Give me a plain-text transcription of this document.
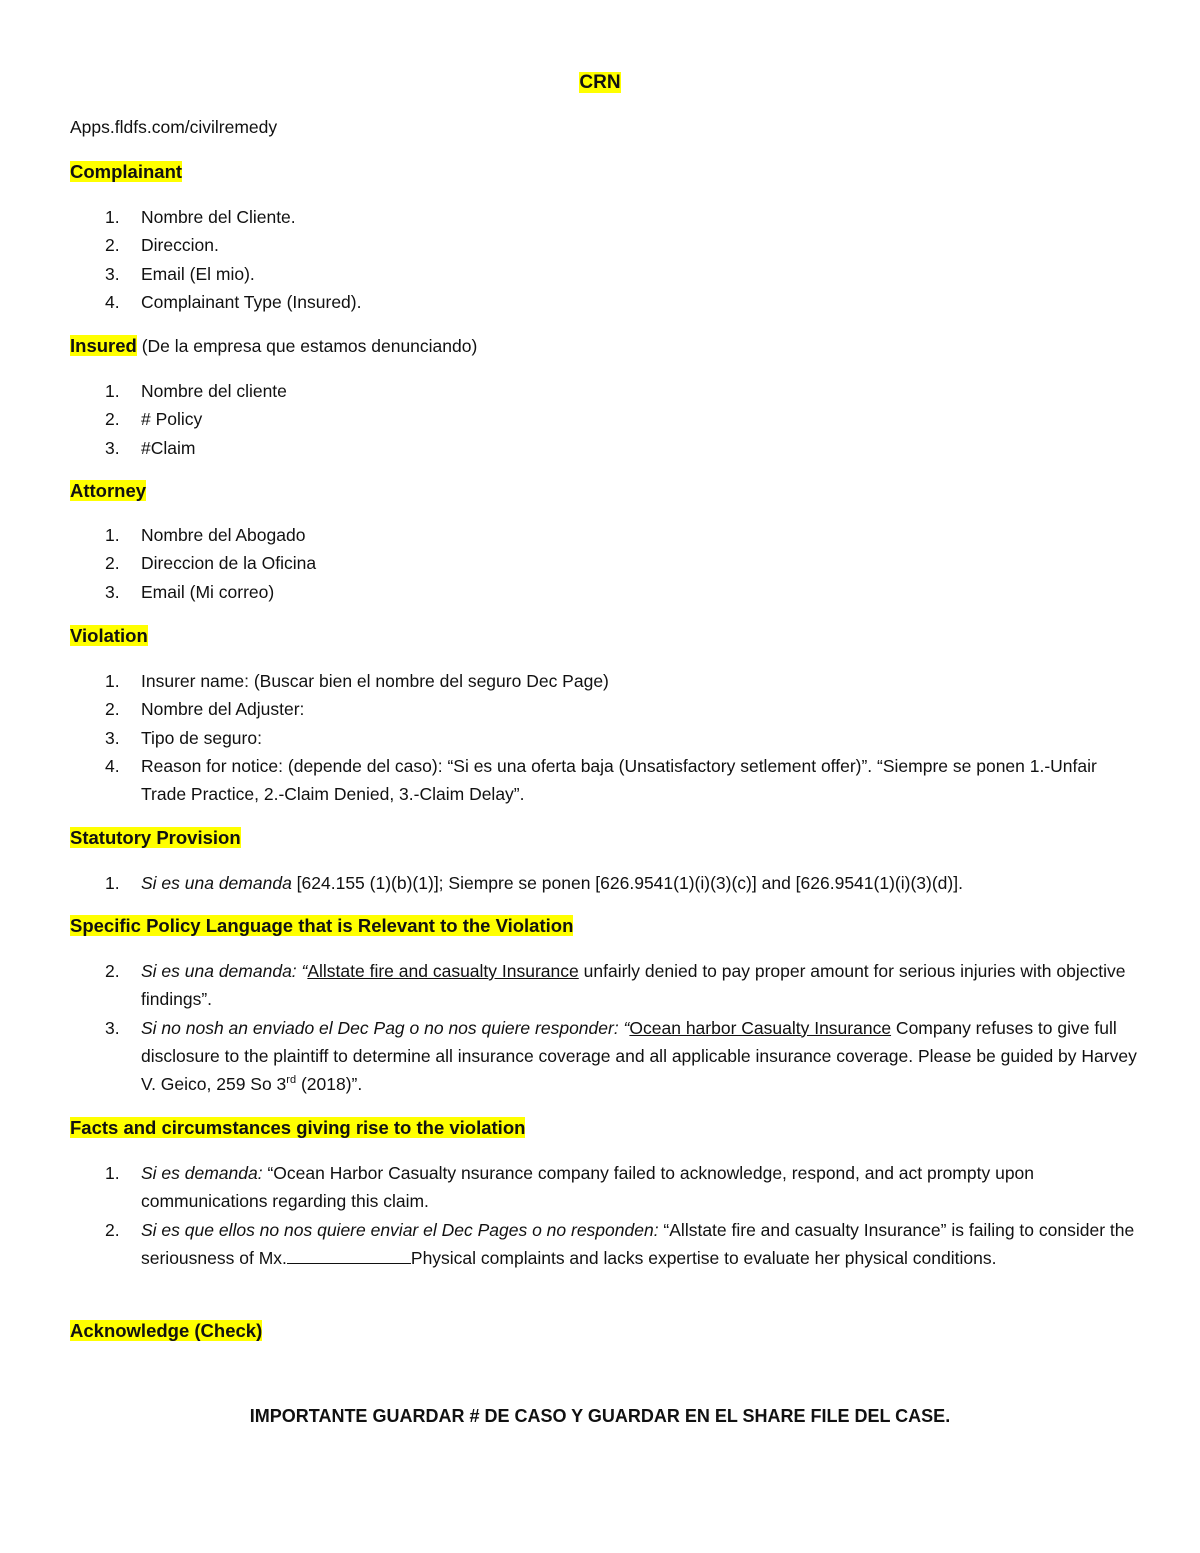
CRN
Apps.fldfs.com/civilremedy
Complainant
1.	Nombre del Cliente.
2.	Direccion.
3.	Email (El mio).
4.	Complainant Type (Insured).
Insured (De la empresa que estamos denunciando)
1.	Nombre del cliente
2.	# Policy
3.	#Claim
Attorney
1.	Nombre del Abogado
2.	Direccion de la Oficina
3.	Email (Mi correo)
Violation
1.	Insurer name: (Buscar bien el nombre del seguro Dec Page)
2.	Nombre del Adjuster:
3.	Tipo de seguro:
4.	Reason for notice: (depende del caso): “Si es una oferta baja (Unsatisfactory setlement offer)”. “Siempre se ponen 1.-Unfair Trade Practice, 2.-Claim Denied, 3.-Claim Delay”.
Statutory Provision
1.	Si es una demanda [624.155 (1)(b)(1)]; Siempre se ponen [626.9541(1)(i)(3)(c)] and [626.9541(1)(i)(3)(d)].
Specific Policy Language that is Relevant to the Violation
2.	Si es una demanda: “Allstate fire and casualty Insurance unfairly denied to pay proper amount for serious injuries with objective findings”.
3.	Si no nosh an enviado el Dec Pag o no nos quiere responder: “Ocean harbor Casualty Insurance Company refuses to give full disclosure to the plaintiff to determine all insurance coverage and all applicable insurance coverage. Please be guided by Harvey V. Geico, 259 So 3rd (2018)”.
Facts and circumstances giving rise to the violation
1.	Si es demanda: “Ocean Harbor Casualty nsurance company failed to acknowledge, respond, and act prompty upon communications regarding this claim.
2.	Si es que ellos no nos quiere enviar el Dec Pages o no responden: “Allstate fire and casualty Insurance” is failing to consider the seriousness of Mx.	Physical complaints and lacks expertise to evaluate her physical conditions.
Acknowledge (Check)
IMPORTANTE GUARDAR # DE CASO Y GUARDAR EN EL SHARE FILE DEL CASE.
